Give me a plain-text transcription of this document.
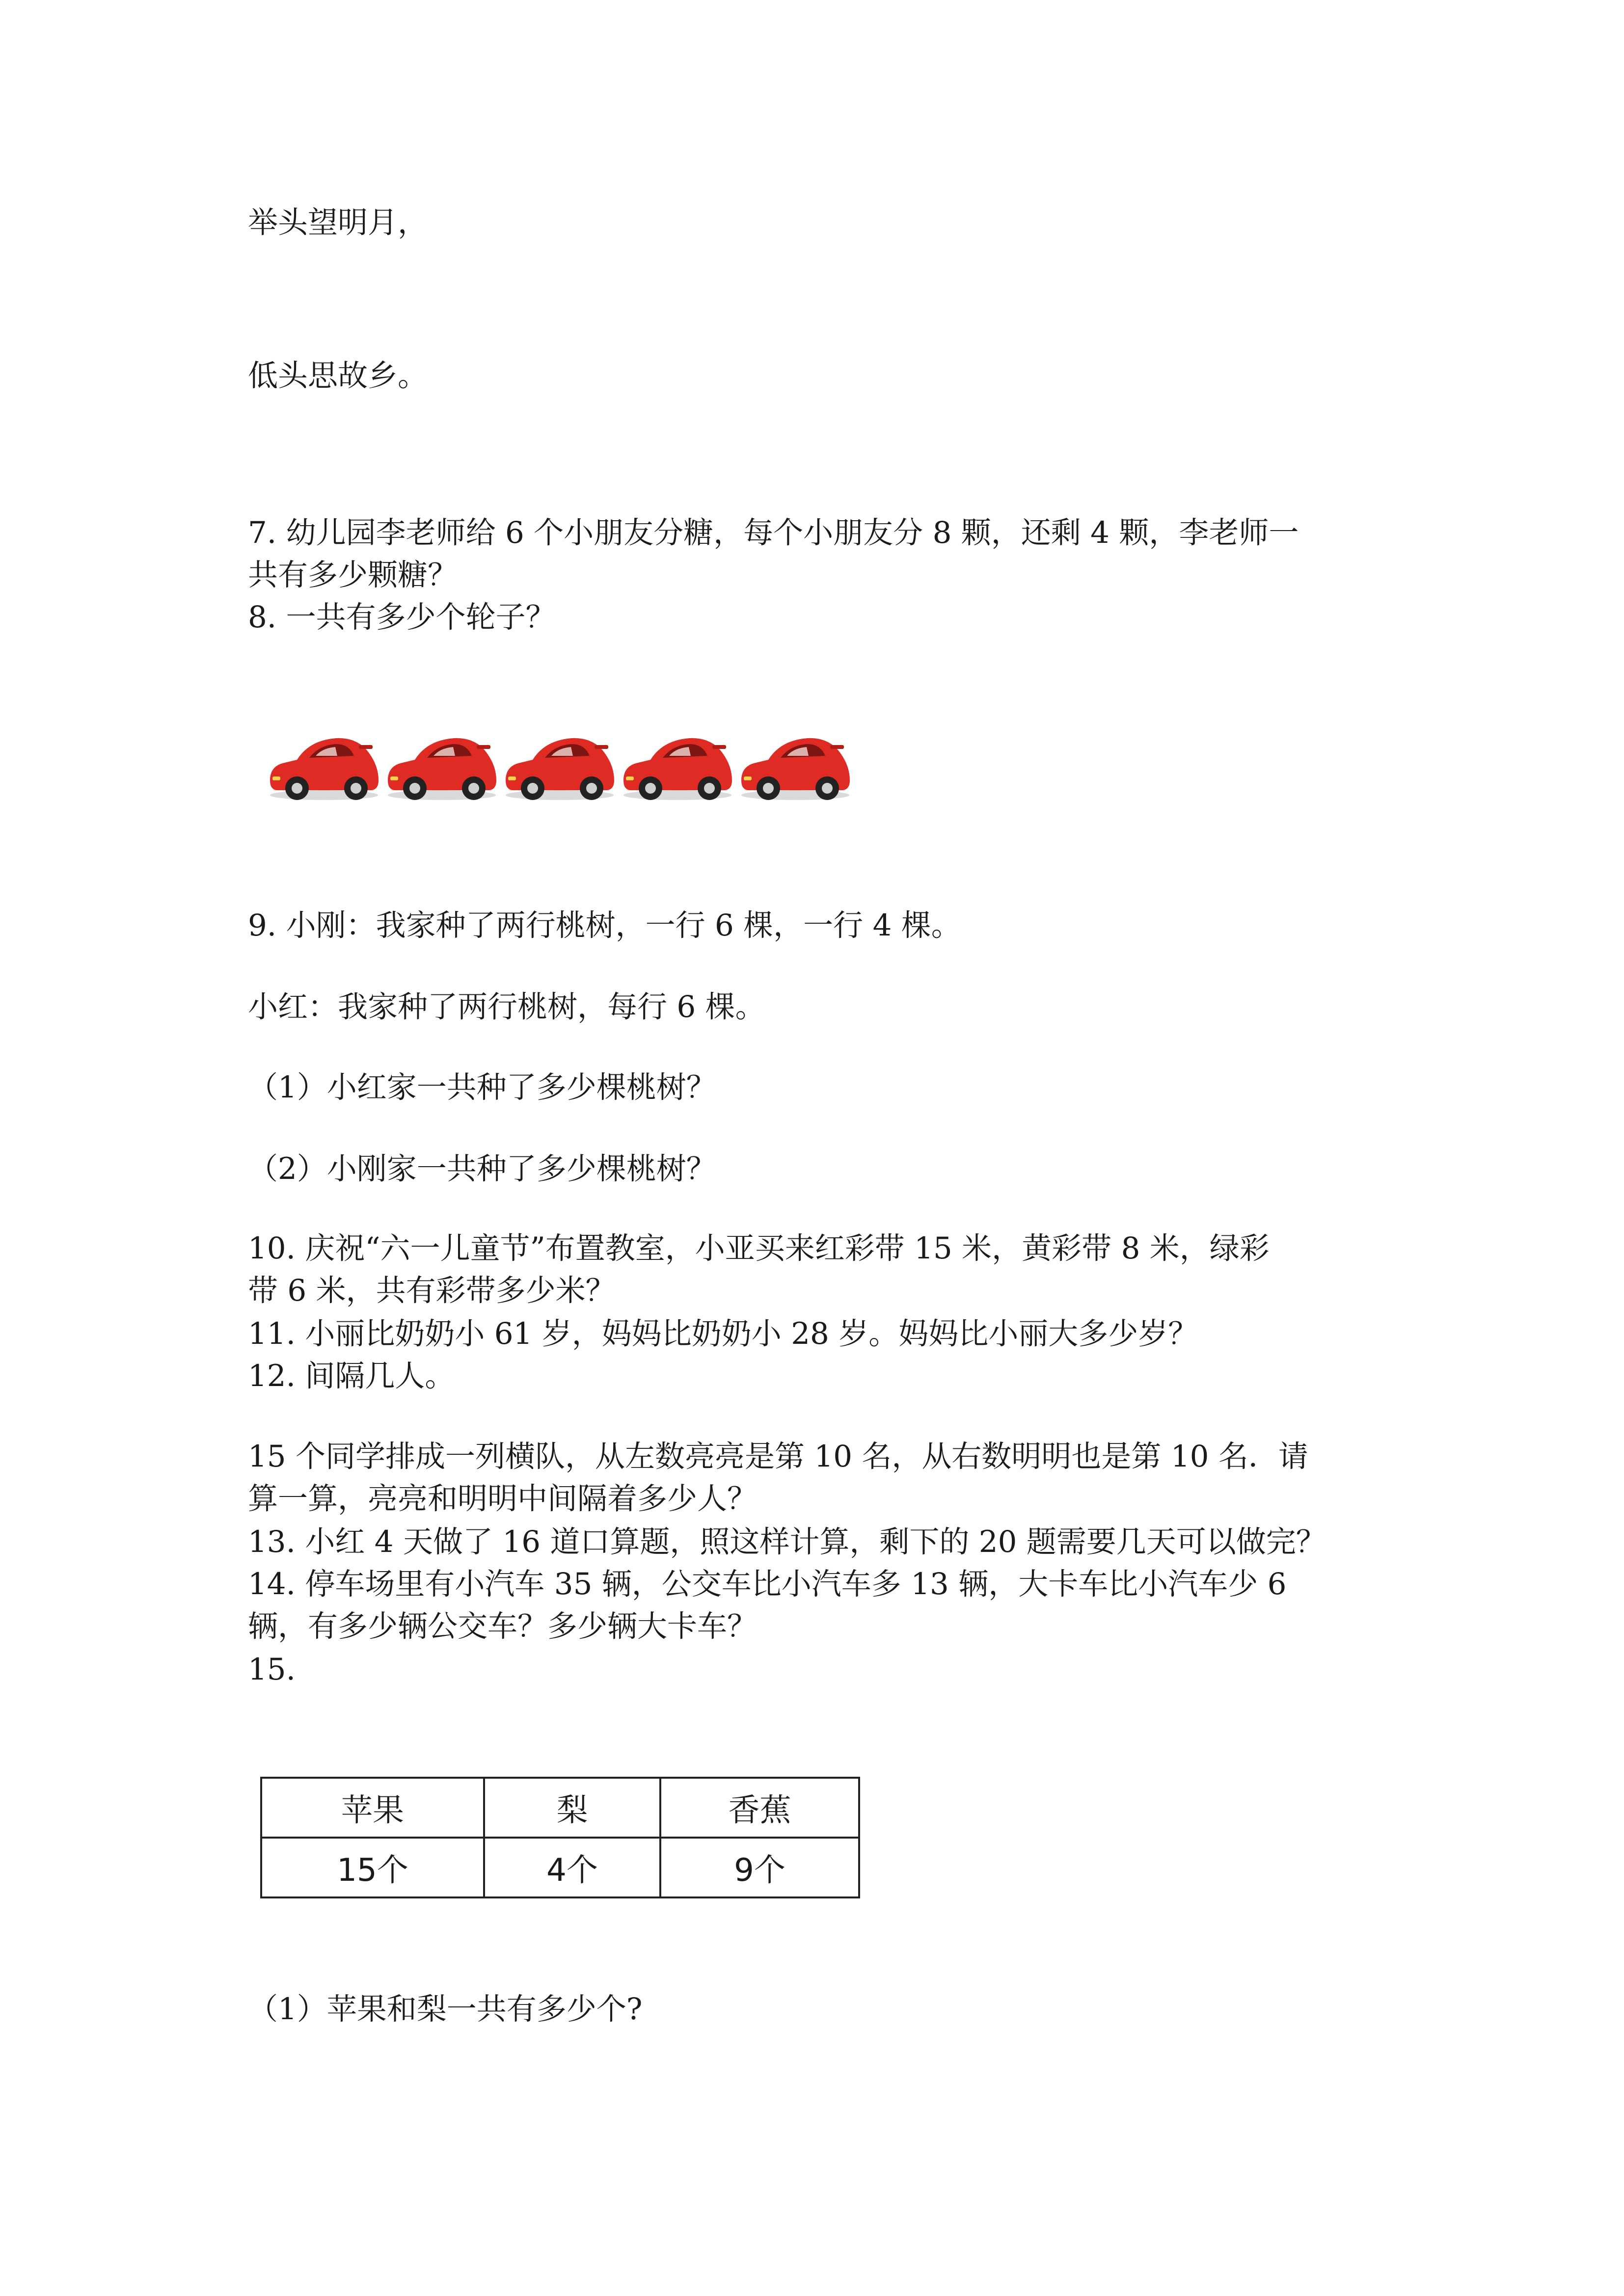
举头望明月，
低头思故乡。
7. 幼儿园李老师给 6 个小朋友分糖，每个小朋友分 8 颗，还剩 4 颗，李老师一
共有多少颗糖？
8. 一共有多少个轮子？
9. 小刚：我家种了两行桃树，一行 6 棵，一行 4 棵。
小红：我家种了两行桃树，每行 6 棵。
（1）小红家一共种了多少棵桃树？
（2）小刚家一共种了多少棵桃树？
10. 庆祝“六一儿童节”布置教室，小亚买来红彩带 15 米，黄彩带 8 米，绿彩
带 6 米，共有彩带多少米？
11. 小丽比奶奶小 61 岁，妈妈比奶奶小 28 岁。妈妈比小丽大多少岁？
12. 间隔几人。
15 个同学排成一列横队，从左数亮亮是第 10 名，从右数明明也是第 10 名．请
算一算，亮亮和明明中间隔着多少人？
13. 小红 4 天做了 16 道口算题，照这样计算，剩下的 20 题需要几天可以做完？
14. 停车场里有小汽车 35 辆，公交车比小汽车多 13 辆，大卡车比小汽车少 6
辆，有多少辆公交车？多少辆大卡车？
15.
苹果	梨	香蕉
15个	4个	9个
（1）苹果和梨一共有多少个?
